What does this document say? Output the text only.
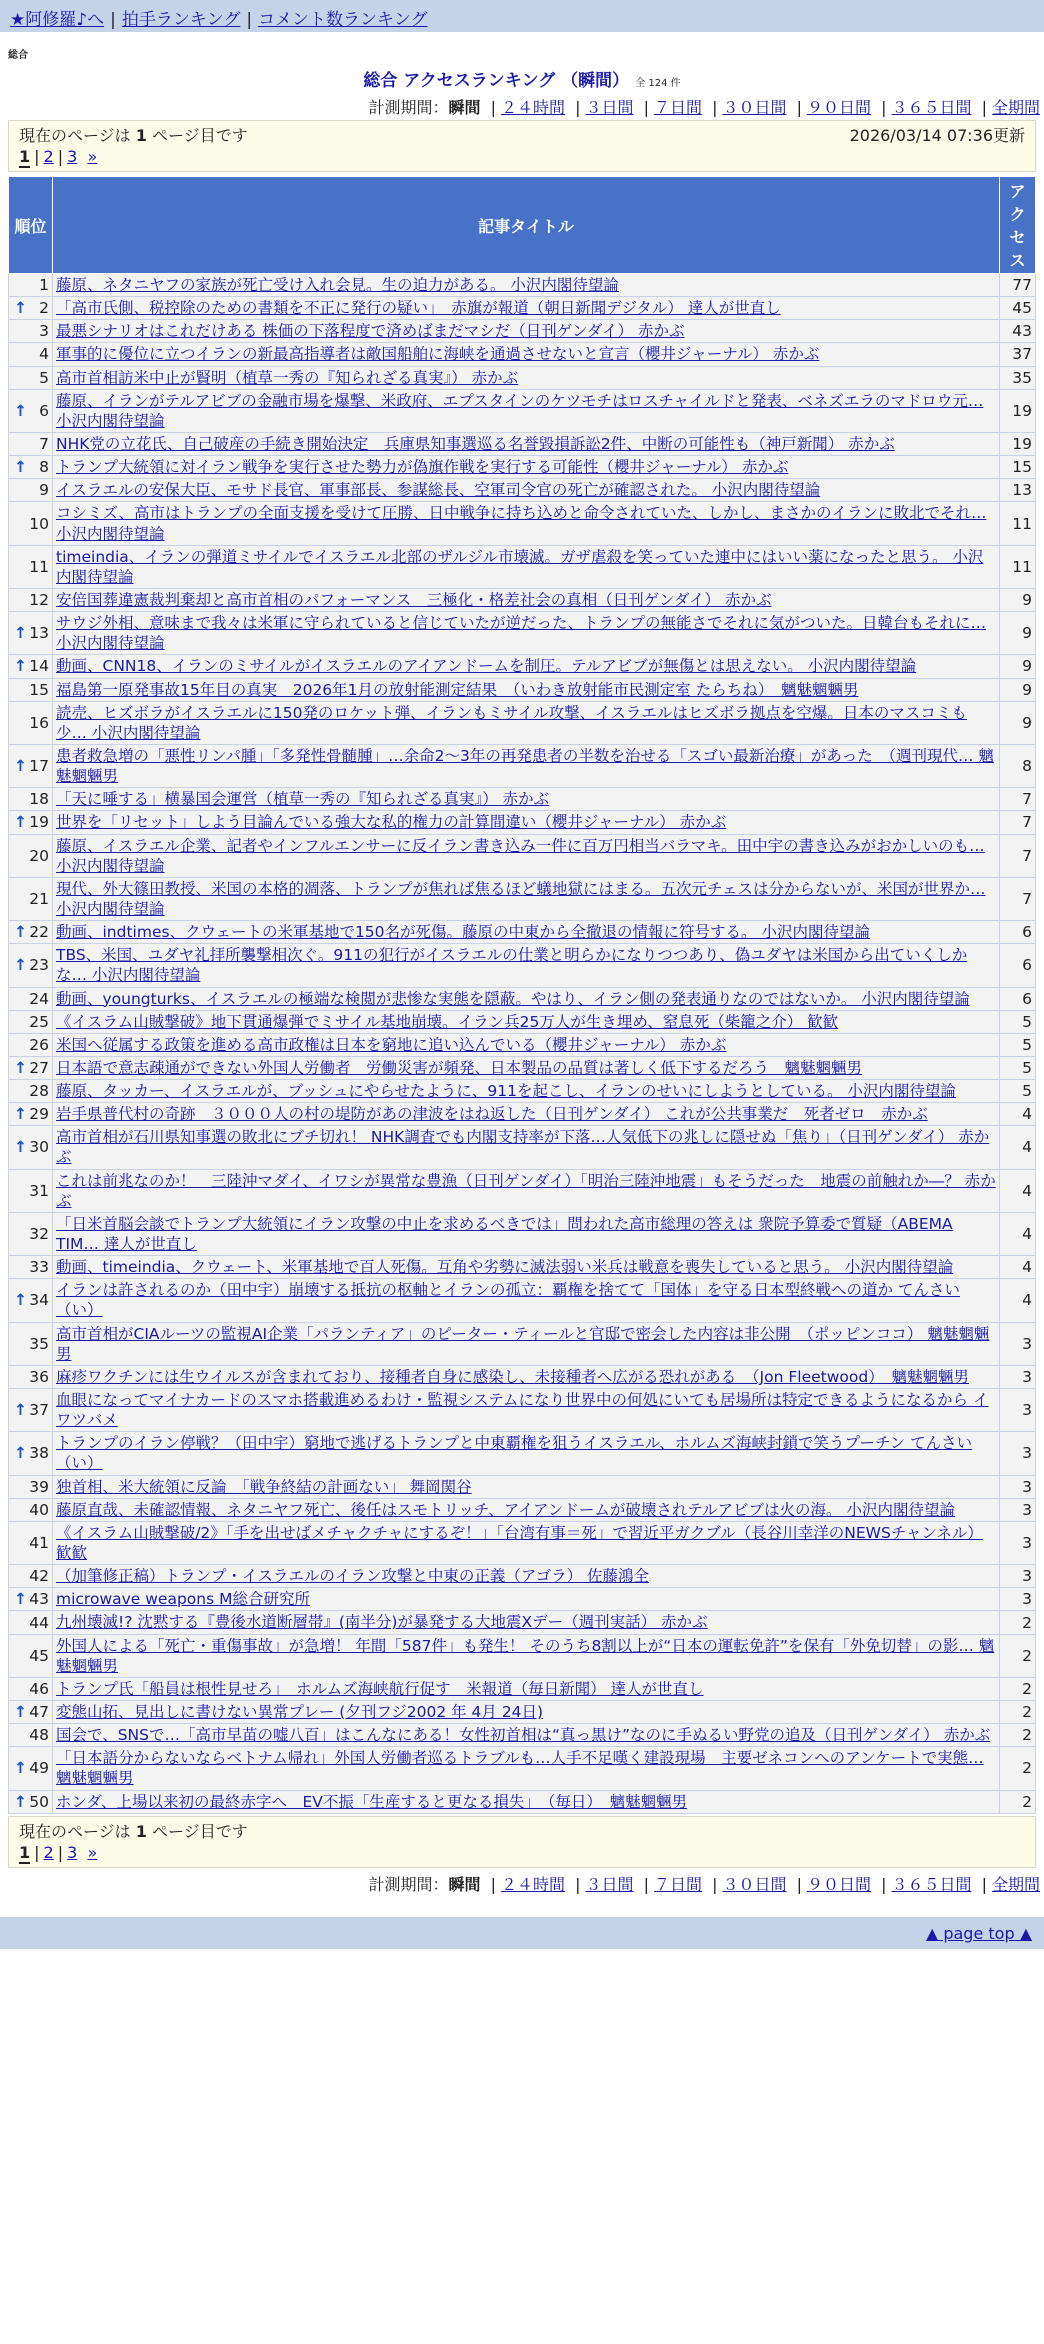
★阿修羅♪へ | 拍手ランキング | コメント数ランキング
総合
総合 アクセスランキング （瞬間） 全 124 件
計測期間：瞬間 | ２４時間 | ３日間 | ７日間 | ３０日間 | ９０日間 | ３６５日間 | 全期間
現在のページは 1 ページ目です	2026/03/14 07:36更新
1 | 2 | 3 »
順位	記事タイトル	アクセス
1	藤原、ネタニヤフの家族が死亡受け入れ会見。生の迫力がある。 小沢内閣待望論	77

↑ 2	「高市氏側、税控除のための書類を不正に発行の疑い」　赤旗が報道（朝日新聞デジタル） 達人が世直し	45
3	最悪シナリオはこれだけある 株価の下落程度で済めばまだマシだ（日刊ゲンダイ） 赤かぶ	43
4	軍事的に優位に立つイランの新最高指導者は敵国船舶に海峡を通過させないと宣言（櫻井ジャーナル） 赤かぶ	37
5	高市首相訪米中止が賢明（植草一秀の『知られざる真実』） 赤かぶ	35

↑ 6	藤原、イランがテルアビブの金融市場を爆撃、米政府、エプスタインのケツモチはロスチャイルドと発表、ベネズエラのマドロウ元… 小沢内閣待望論	19
7	NHK党の立花氏、自己破産の手続き開始決定　兵庫県知事選巡る名誉毀損訴訟2件、中断の可能性も（神戸新聞） 赤かぶ	19

↑ 8	トランプ大統領に対イラン戦争を実行させた勢力が偽旗作戦を実行する可能性（櫻井ジャーナル） 赤かぶ	15
9	イスラエルの安保大臣、モサド長官、軍事部長、参謀総長、空軍司令官の死亡が確認された。 小沢内閣待望論	13
10	コシミズ、高市はトランプの全面支援を受けて圧勝、日中戦争に持ち込めと命令されていた、しかし、まさかのイランに敗北でそれ… 小沢内閣待望論	11
11	timeindia、イランの弾道ミサイルでイスラエル北部のザルジル市壊滅。ガザ虐殺を笑っていた連中にはいい薬になったと思う。 小沢内閣待望論	11
12	安倍国葬違憲裁判棄却と高市首相のパフォーマンス　三極化・格差社会の真相（日刊ゲンダイ） 赤かぶ	9

↑ 13	サウジ外相、意味まで我々は米軍に守られていると信じていたが逆だった、トランプの無能さでそれに気がついた。日韓台もそれに… 小沢内閣待望論	9

↑ 14	動画、CNN18、イランのミサイルがイスラエルのアイアンドームを制圧。テルアビブが無傷とは思えない。 小沢内閣待望論	9
15	福島第一原発事故15年目の真実　2026年1月の放射能測定結果　（いわき放射能市民測定室 たらちね）　魑魅魍魎男	9
16	読売、ヒズボラがイスラエルに150発のロケット弾、イランもミサイル攻撃、イスラエルはヒズボラ拠点を空爆。日本のマスコミも少… 小沢内閣待望論	9

↑ 17	患者救急増の「悪性リンパ腫」「多発性骨髄腫」…余命2～3年の再発患者の半数を治せる「スゴい最新治療」があった　（週刊現代… 魑魅魍魎男	8
18	「天に唾する」横暴国会運営（植草一秀の『知られざる真実』） 赤かぶ	7

↑ 19	世界を「リセット」しよう目論んでいる強大な私的権力の計算間違い（櫻井ジャーナル） 赤かぶ	7
20	藤原、イスラエル企業、記者やインフルエンサーに反イラン書き込み一件に百万円相当バラマキ。田中宇の書き込みがおかしいのも… 小沢内閣待望論	7
21	現代、外大篠田教授、米国の本格的凋落、トランプが焦れば焦るほど蟻地獄にはまる。五次元チェスは分からないが、米国が世界か… 小沢内閣待望論	7

↑ 22	動画、indtimes、クウェートの米軍基地で150名が死傷。藤原の中東から全撤退の情報に符号する。 小沢内閣待望論	6

↑ 23	TBS、米国、ユダヤ礼拝所襲撃相次ぐ。911の犯行がイスラエルの仕業と明らかになりつつあり、偽ユダヤは米国から出ていくしかな… 小沢内閣待望論	6
24	動画、youngturks、イスラエルの極端な検閲が悲惨な実態を隠蔽。やはり、イラン側の発表通りなのではないか。 小沢内閣待望論	6
25	《イスラム山賊撃破》地下貫通爆弾でミサイル基地崩壊。イラン兵25万人が生き埋め、窒息死（柴籠之介） 歓歓	5
26	米国へ従属する政策を進める高市政権は日本を窮地に追い込んでいる（櫻井ジャーナル） 赤かぶ	5

↑ 27	日本語で意志疎通ができない外国人労働者　労働災害が頻発、日本製品の品質は著しく低下するだろう　魑魅魍魎男	5
28	藤原、タッカー、イスラエルが、ブッシュにやらせたように、911を起こし、イランのせいにしようとしている。 小沢内閣待望論	5

↑ 29	岩手県普代村の奇跡　３０００人の村の堤防があの津波をはね返した（日刊ゲンダイ） これが公共事業だ　死者ゼロ　赤かぶ	4

↑ 30	高市首相が石川県知事選の敗北にブチ切れ！ NHK調査でも内閣支持率が下落…人気低下の兆しに隠せぬ「焦り」（日刊ゲンダイ） 赤かぶ	4
31	これは前兆なのか！　三陸沖マダイ、イワシが異常な豊漁（日刊ゲンダイ）「明治三陸沖地震」もそうだった　地震の前触れか―？ 赤かぶ	4
32	「日米首脳会談でトランプ大統領にイラン攻撃の中止を求めるべきでは」問われた高市総理の答えは 衆院予算委で質疑（ABEMA TIM… 達人が世直し	4
33	動画、timeindia、クウェート、米軍基地で百人死傷。互角や劣勢に滅法弱い米兵は戦意を喪失していると思う。 小沢内閣待望論	4

↑ 34	イランは許されるのか（田中宇）崩壊する抵抗の枢軸とイランの孤立：覇権を捨てて「国体」を守る日本型終戦への道か てんさい（い）	4
35	高市首相がCIAルーツの監視AI企業「パランティア」のピーター・ティールと官邸で密会した内容は非公開　（ポッピンココ） 魑魅魍魎男	3
36	麻疹ワクチンには生ウイルスが含まれており、接種者自身に感染し、未接種者へ広がる恐れがある　（Jon Fleetwood）　魑魅魍魎男	3

↑ 37	血眼になってマイナカードのスマホ搭載進めるわけ・監視システムになり世界中の何処にいても居場所は特定できるようになるから イワツバメ	3

↑ 38	トランプのイラン停戦？（田中宇）窮地で逃げるトランプと中東覇権を狙うイスラエル、ホルムズ海峡封鎖で笑うプーチン てんさい（い）	3
39	独首相、米大統領に反論　「戦争終結の計画ない」 舞岡関谷	3
40	藤原直哉、未確認情報、ネタニヤフ死亡、後任はスモトリッチ、アイアンドームが破壊されテルアビブは火の海。 小沢内閣待望論	3
41	《イスラム山賊撃破/2》「手を出せばメチャクチャにするぞ！」「台湾有事＝死」で習近平ガクブル（長谷川幸洋のNEWSチャンネル） 歓歓	3
42	（加筆修正稿）トランプ・イスラエルのイラン攻撃と中東の正義（アゴラ） 佐藤鴻全	3

↑ 43	microwave weapons M総合研究所	3
44	九州壊滅!? 沈黙する『豊後水道断層帯』(南半分)が暴発する大地震Xデー（週刊実話） 赤かぶ	2
45	外国人による「死亡・重傷事故」が急増！ 年間「587件」も発生！ そのうち8割以上が“日本の運転免許”を保有「外免切替」の影… 魑魅魍魎男	2
46	トランプ氏「船員は根性見せろ」　ホルムズ海峡航行促す　米報道（毎日新聞） 達人が世直し	2

↑ 47	変態山拓、見出しに書けない異常プレー (夕刊フジ2002 年 4月 24日)	2
48	国会で、SNSで…「高市早苗の嘘八百」はこんなにある！女性初首相は“真っ黒け”なのに手ぬるい野党の追及（日刊ゲンダイ） 赤かぶ	2

↑ 49	「日本語分からないならベトナム帰れ」外国人労働者巡るトラブルも…人手不足嘆く建設現場　主要ゼネコンへのアンケートで実態… 魑魅魍魎男	2

↑ 50	ホンダ、上場以来初の最終赤字へ　EV不振「生産すると更なる損失」　（毎日）　魑魅魍魎男	2
現在のページは 1 ページ目です
1 | 2 | 3 »
計測期間：瞬間 | ２４時間 | ３日間 | ７日間 | ３０日間 | ９０日間 | ３６５日間 | 全期間
▲ page top ▲
